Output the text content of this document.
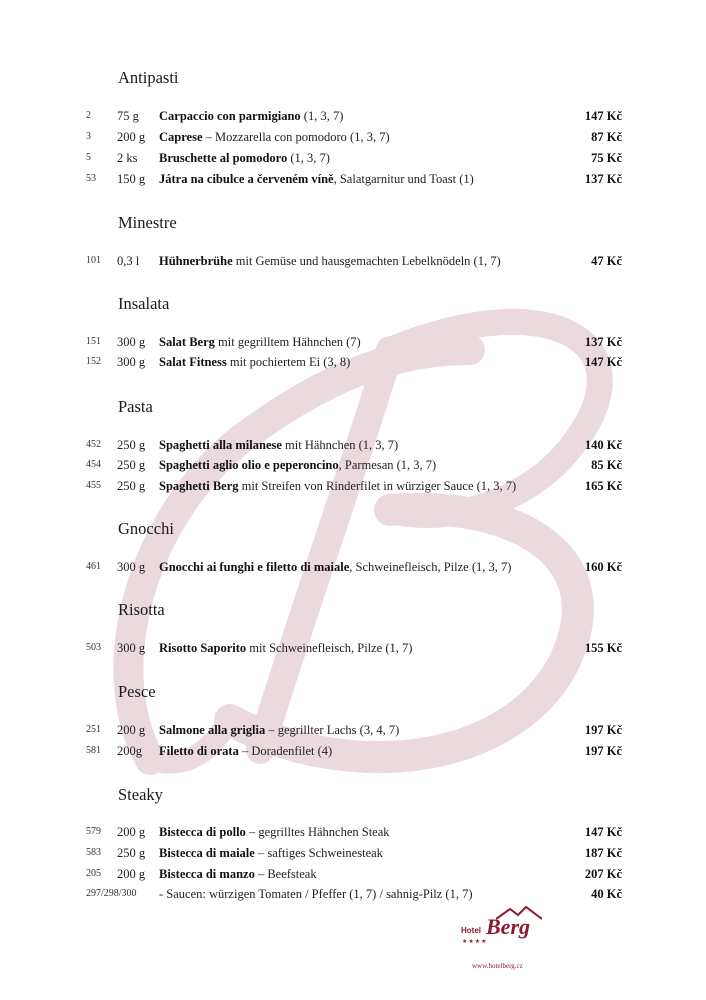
Antipasti
2 75 g Carpaccio con parmigiano (1, 3, 7)	147 Kč
3 200 g Caprese – Mozzarella con pomodoro (1, 3, 7)	87 Kč
5 2 ks Bruschette al pomodoro (1, 3, 7)	75 Kč
53 150 g Játra na cibulce a červeném víně, Salatgarnitur und Toast (1)	137 Kč
Minestre
101 0,3 l Hühnerbrühe mit Gemüse und hausgemachten Lebelknödeln (1, 7)	47 Kč
Insalata
151 300 g Salat Berg mit gegrilltem Hähnchen (7)	137 Kč
152 300 g Salat Fitness mit pochiertem Ei (3, 8)	147 Kč
Pasta
452 250 g Spaghetti alla milanese mit Hähnchen (1, 3, 7)	140 Kč
454 250 g Spaghetti aglio olio e peperoncino, Parmesan (1, 3, 7)	85 Kč
455 250 g Spaghetti Berg mit Streifen von Rinderfilet in würziger Sauce (1, 3, 7)	165 Kč
Gnocchi
461 300 g Gnocchi ai funghi e filetto di maiale, Schweinefleisch, Pilze (1, 3, 7)	160 Kč
Risotta
503 300 g Risotto Saporito mit Schweinefleisch, Pilze (1, 7)	155 Kč
Pesce
251 200 g Salmone alla griglia – gegrillter Lachs (3, 4, 7)	197 Kč
581 200g Filetto di orata – Doradenfilet (4)	197 Kč
Steaky
579 200 g Bistecca di pollo – gegrilltes Hähnchen Steak	147 Kč
583 250 g Bistecca di maiale – saftiges Schweinesteak	187 Kč
205 200 g Bistecca di manzo – Beefsteak	207 Kč
297/298/300 - Saucen: würzigen Tomaten / Pfeffer (1, 7) / sahnig-Pilz (1, 7)	40 Kč
Hotel Berg
★★★★
www.hotelberg.cz
